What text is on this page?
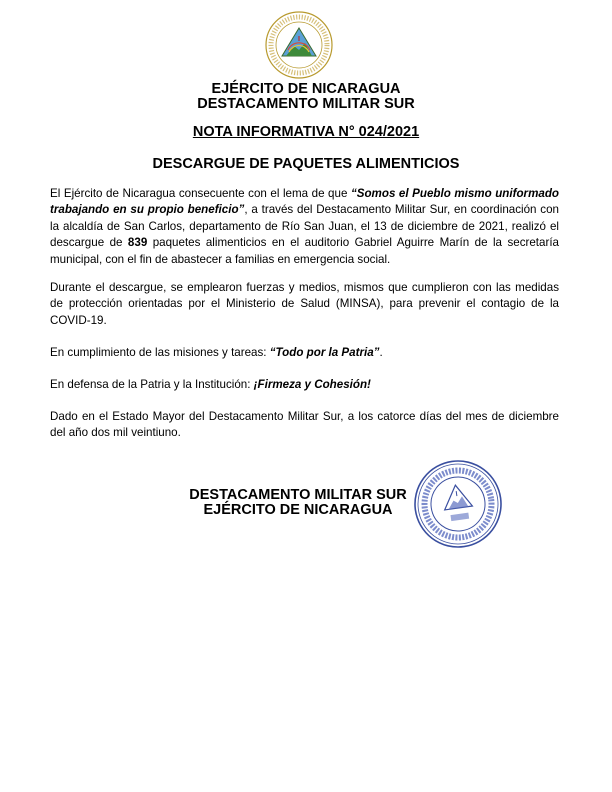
EJÉRCITO DE NICARAGUA
DESTACAMENTO MILITAR SUR
NOTA INFORMATIVA N° 024/2021
DESCARGUE DE PAQUETES ALIMENTICIOS
El Ejército de Nicaragua consecuente con el lema de que “Somos el Pueblo mismo uniformado trabajando en su propio beneficio”, a través del Destacamento Militar Sur, en coordinación con la alcaldía de San Carlos, departamento de Río San Juan, el 13 de diciembre de 2021, realizó el descargue de 839 paquetes alimenticios en el auditorio Gabriel Aguirre Marín de la secretaría municipal, con el fin de abastecer a familias en emergencia social.
Durante el descargue, se emplearon fuerzas y medios, mismos que cumplieron con las medidas de protección orientadas por el Ministerio de Salud (MINSA), para prevenir el contagio de la COVID-19.
En cumplimiento de las misiones y tareas: “Todo por la Patria”.
En defensa de la Patria y la Institución: ¡Firmeza y Cohesión!
Dado en el Estado Mayor del Destacamento Militar Sur, a los catorce días del mes de diciembre del año dos mil veintiuno.
DESTACAMENTO MILITAR SUR
EJÉRCITO DE NICARAGUA
